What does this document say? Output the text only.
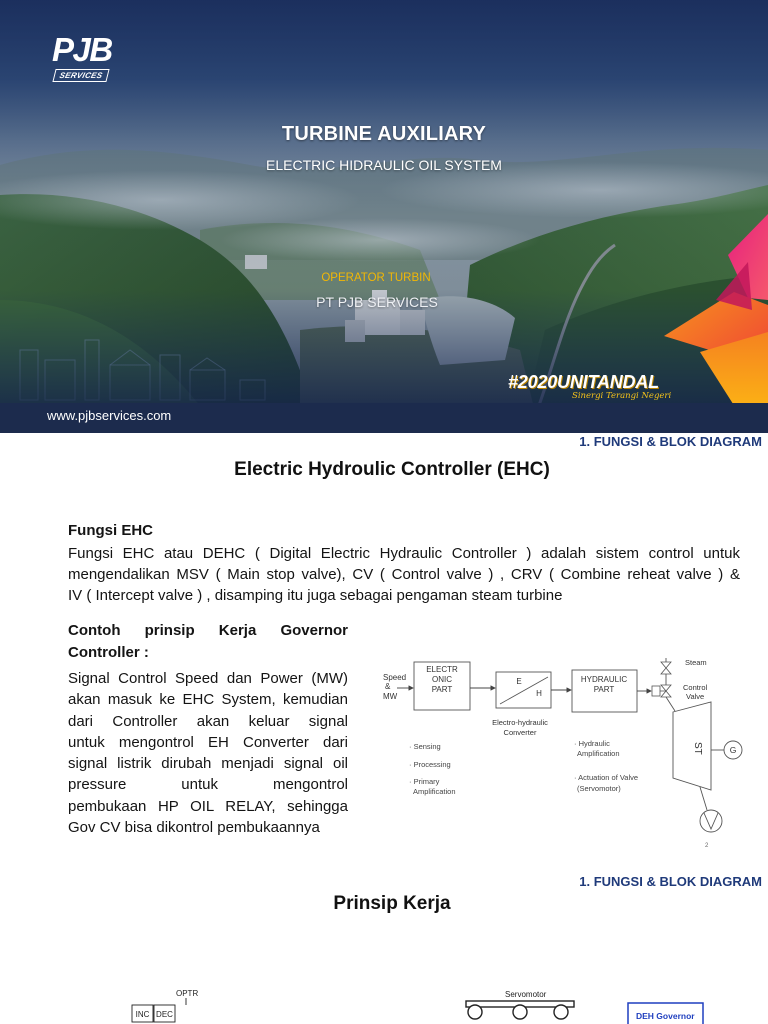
PJB
SERVICES
TURBINE AUXILIARY
ELECTRIC HIDRAULIC OIL SYSTEM
OPERATOR TURBIN
PT PJB SERVICES
#2020UNITANDAL
Sinergi Terangi Negeri
www.pjbservices.com
1. FUNGSI & BLOK DIAGRAM
Electric Hydroulic Controller (EHC)
Fungsi EHC
Fungsi EHC atau DEHC ( Digital Electric Hydraulic Controller ) adalah sistem control untuk
mengendalikan MSV ( Main stop valve), CV ( Control valve ) , CRV ( Combine reheat valve ) &
IV ( Intercept valve ) , disamping itu juga sebagai pengaman steam turbine
Contoh prinsip Kerja Governor
Controller :
Signal Control Speed dan Power (MW)
akan masuk ke EHC System, kemudian
dari Controller akan keluar signal
untuk mengontrol EH Converter dari
signal listrik dirubah menjadi signal oil
pressure untuk mengontrol
pembukaan HP OIL RELAY, sehingga
Gov CV bisa dikontrol pembukaannya
Speed
&
MW
ELECTR
ONIC
PART
E
H
Electro-hydraulic
Converter
HYDRAULIC
PART
Steam
Control
Valve
ST	G
2
· Sensing
· Processing
· Primary
Amplification
· Hydraulic
Amplification
· Actuation of Valve
(Servomotor)
1. FUNGSI & BLOK DIAGRAM
Prinsip Kerja
OPTR
INC DEC
Servomotor
DEH Governor
